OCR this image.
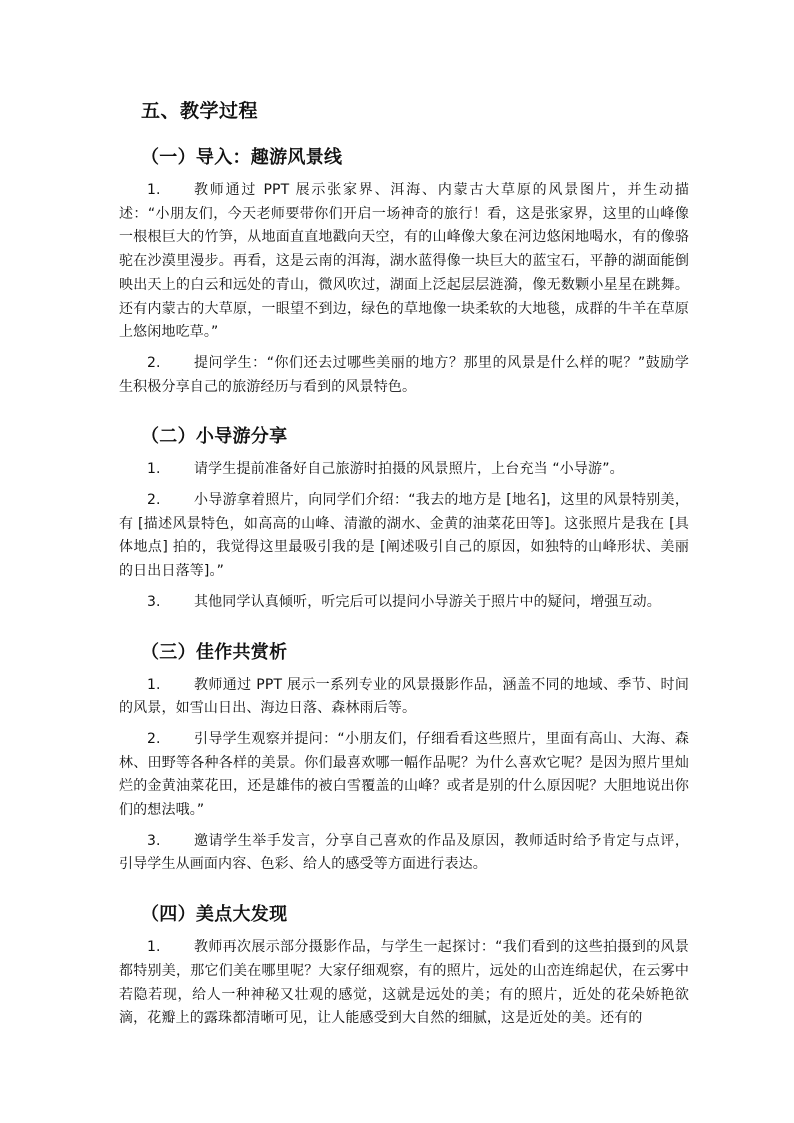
五、教学过程
（一）导入：趣游风景线

1. 教师通过 PPT 展示张家界、洱海、内蒙古大草原的风景图片，并生动描述：“小朋友们，今天老师要带你们开启一场神奇的旅行！看，这是张家界，这里的山峰像一根根巨大的竹笋，从地面直直地戳向天空，有的山峰像大象在河边悠闲地喝水，有的像骆驼在沙漠里漫步。再看，这是云南的洱海，湖水蓝得像一块巨大的蓝宝石，平静的湖面能倒映出天上的白云和远处的青山，微风吹过，湖面上泛起层层涟漪，像无数颗小星星在跳舞。还有内蒙古的大草原，一眼望不到边，绿色的草地像一块柔软的大地毯，成群的牛羊在草原上悠闲地吃草。”

2. 提问学生：“你们还去过哪些美丽的地方？那里的风景是什么样的呢？”鼓励学生积极分享自己的旅游经历与看到的风景特色。

（二）小导游分享

1. 请学生提前准备好自己旅游时拍摄的风景照片，上台充当 “小导游”。

2. 小导游拿着照片，向同学们介绍：“我去的地方是 [地名]，这里的风景特别美，有 [描述风景特色，如高高的山峰、清澈的湖水、金黄的油菜花田等]。这张照片是我在 [具体地点] 拍的，我觉得这里最吸引我的是 [阐述吸引自己的原因，如独特的山峰形状、美丽的日出日落等]。”

3. 其他同学认真倾听，听完后可以提问小导游关于照片中的疑问，增强互动。

（三）佳作共赏析

1. 教师通过 PPT 展示一系列专业的风景摄影作品，涵盖不同的地域、季节、时间的风景，如雪山日出、海边日落、森林雨后等。

2. 引导学生观察并提问：“小朋友们，仔细看看这些照片，里面有高山、大海、森林、田野等各种各样的美景。你们最喜欢哪一幅作品呢？为什么喜欢它呢？是因为照片里灿烂的金黄油菜花田，还是雄伟的被白雪覆盖的山峰？或者是别的什么原因呢？大胆地说出你们的想法哦。”

3. 邀请学生举手发言，分享自己喜欢的作品及原因，教师适时给予肯定与点评，引导学生从画面内容、色彩、给人的感受等方面进行表达。

（四）美点大发现

1. 教师再次展示部分摄影作品，与学生一起探讨：“我们看到的这些拍摄到的风景都特别美，那它们美在哪里呢？大家仔细观察，有的照片，远处的山峦连绵起伏，在云雾中若隐若现，给人一种神秘又壮观的感觉，这就是远处的美；有的照片，近处的花朵娇艳欲滴，花瓣上的露珠都清晰可见，让人能感受到大自然的细腻，这是近处的美。还有的
